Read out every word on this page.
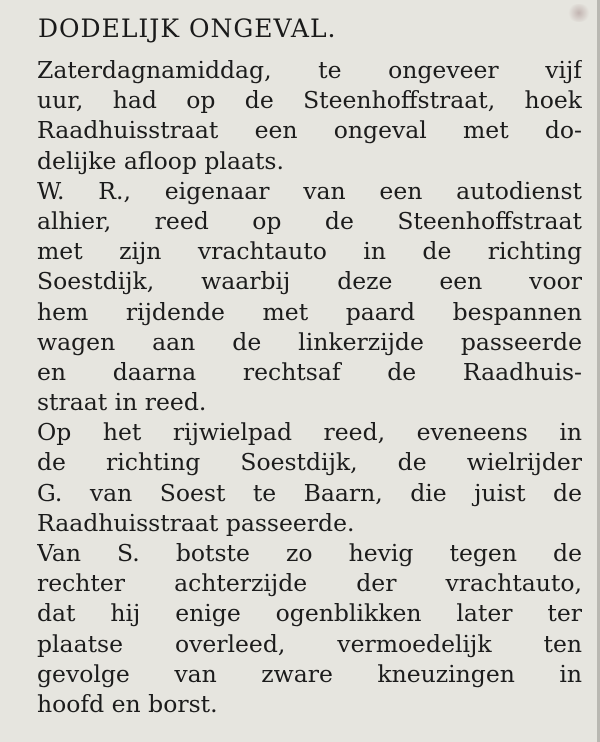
DODELIJK ONGEVAL.
Zaterdagnamiddag, te ongeveer vijf
uur, had op de Steenhoffstraat, hoek
Raadhuisstraat een ongeval met do-
delijke afloop plaats.
W. R., eigenaar van een autodienst
alhier, reed op de Steenhoffstraat
met zijn vrachtauto in de richting
Soestdijk, waarbij deze een voor
hem rijdende met paard bespannen
wagen aan de linkerzijde passeerde
en daarna rechtsaf de Raadhuis-
straat in reed.
Op het rijwielpad reed, eveneens in
de richting Soestdijk, de wielrijder
G. van Soest te Baarn, die juist de
Raadhuisstraat passeerde.
Van S. botste zo hevig tegen de
rechter achterzijde der vrachtauto,
dat hij enige ogenblikken later ter
plaatse overleed, vermoedelijk ten
gevolge van zware kneuzingen in
hoofd en borst.
